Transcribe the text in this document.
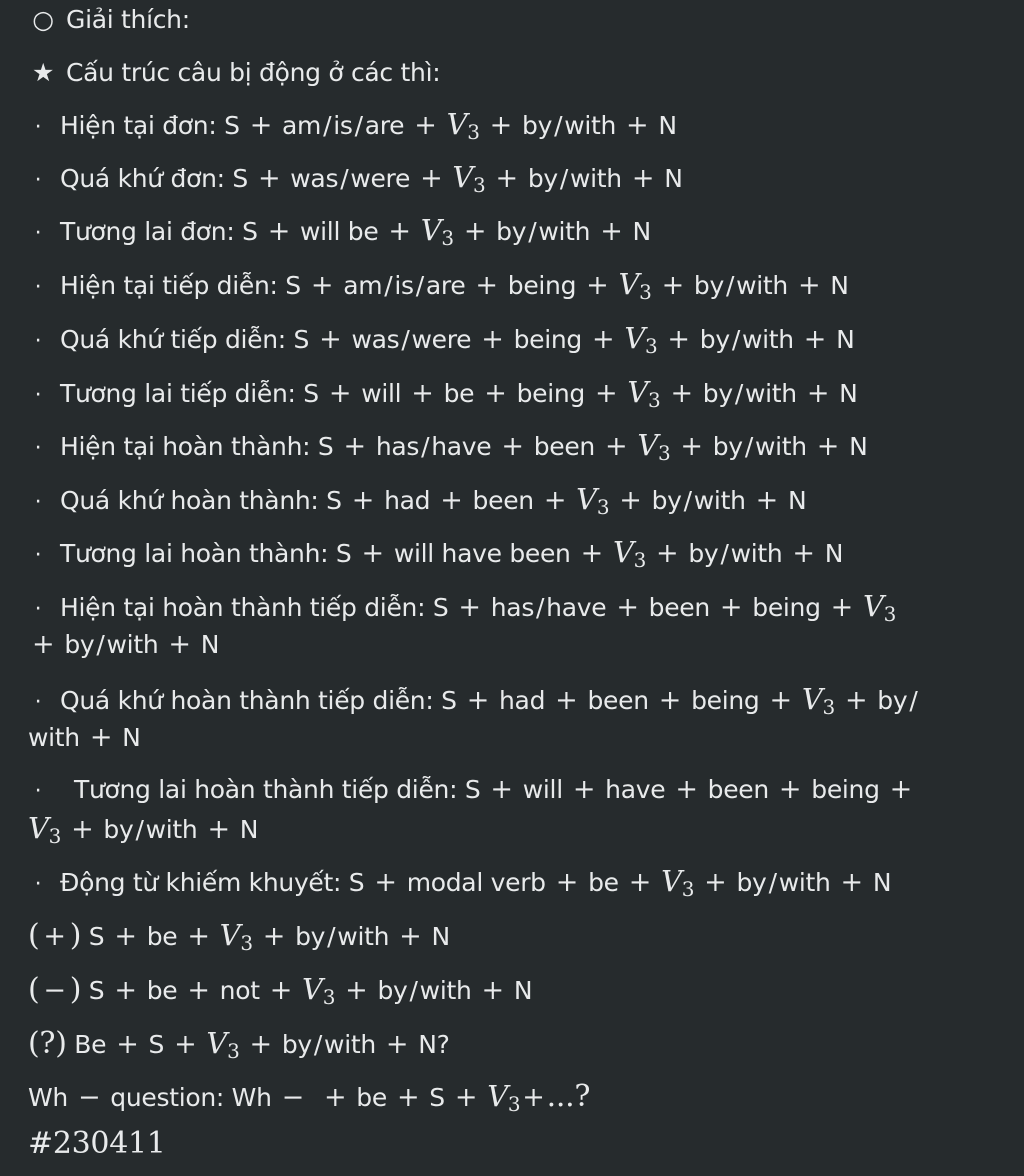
○ Giải thích:
★ Cấu trúc câu bị động ở các thì:
· Hiện tại đơn: $S + am/is/are + V_3$ + by/with + N
· Quá khứ đơn: S + was/were + $V_3$ + by/with + N
· Tương lai đơn: S + will be + $V_3$ + by/with + N
· Hiện tại tiếp diễn: S + am/is/are + being + $V_3$ + by/with + N
· Quá khứ tiếp diễn: S + was/were + being + $V_3$ + by/with + N
· Tương lai tiếp diễn: S + will + be + being + $V_3$ + by/with + N
· Hiện tại hoàn thành: S + has/have + been + $V_3$ + by/with + N
· Quá khứ hoàn thành: S + had + been + $V_3$ + by/with + N
· Tương lai hoàn thành: S + will have been + $V_3$ + by/with + N
· Hiện tại hoàn thành tiếp diễn: S + has/have + been + being + $V_3$
+ by/with + N
· Quá khứ hoàn thành tiếp diễn: S + had + been + being + $V_3 + by/$
with + N
· Tương lai hoàn thành tiếp diễn: S + will + have + been + being +
$V_3$ + by/with + N
· Động từ khiếm khuyết: S + modal verb + be + $V_3$ + by/with + N
( + ) S + be + $V_3$ + by/with + N
( − ) S + be + not + $V_3$ + by/with + N
(?) $Be + S + V_3$ + by/with + N?
Wh − question: Wh − + be + $S + V_3+$...?
#230411
